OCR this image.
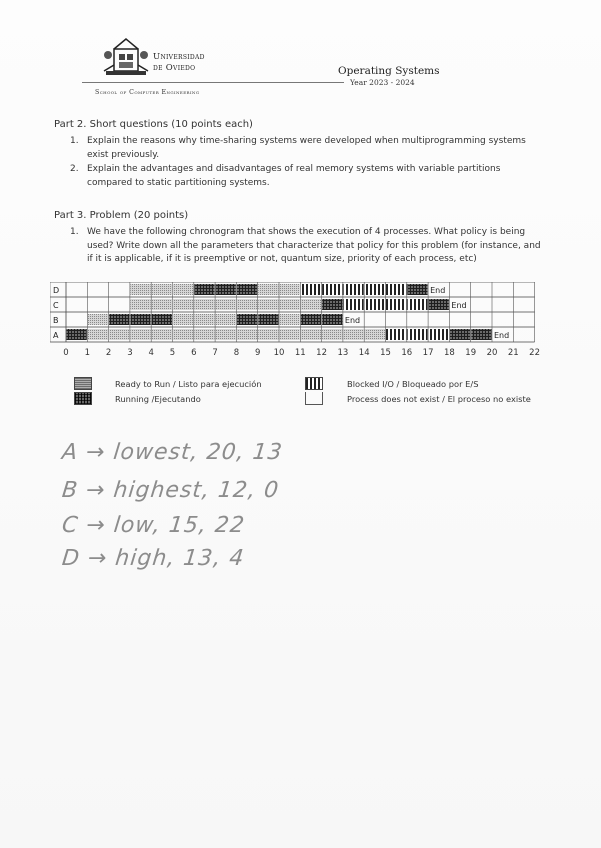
Universidad
de Oviedo
School of Computer Engineering
Operating Systems
Year 2023 - 2024
Part 2. Short questions (10 points each)
1. Explain the reasons why time-sharing systems were developed when multiprogramming systems exist previously.
2. Explain the advantages and disadvantages of real memory systems with variable partitions compared to static partitioning systems.
Part 3. Problem (20 points)
1. We have the following chronogram that shows the execution of 4 processes. What policy is being used? Write down all the parameters that characterize that policy for this problem (for instance, and if it is applicable, if it is preemptive or not, quantum size, priority of each process, etc)
D	End
C	End
B	End
A	End
0 1 2 3 4 5 6 7 8 9 10 11 12 13 14 15 16 17 18 19 20 21 22
Ready to Run / Listo para ejecución	Blocked I/O / Bloqueado por E/S
Running /Ejecutando	Process does not exist / El proceso no existe
A → lowest, 20, 13
B → highest, 12, 0
C → low, 15, 22
D → high, 13, 4
